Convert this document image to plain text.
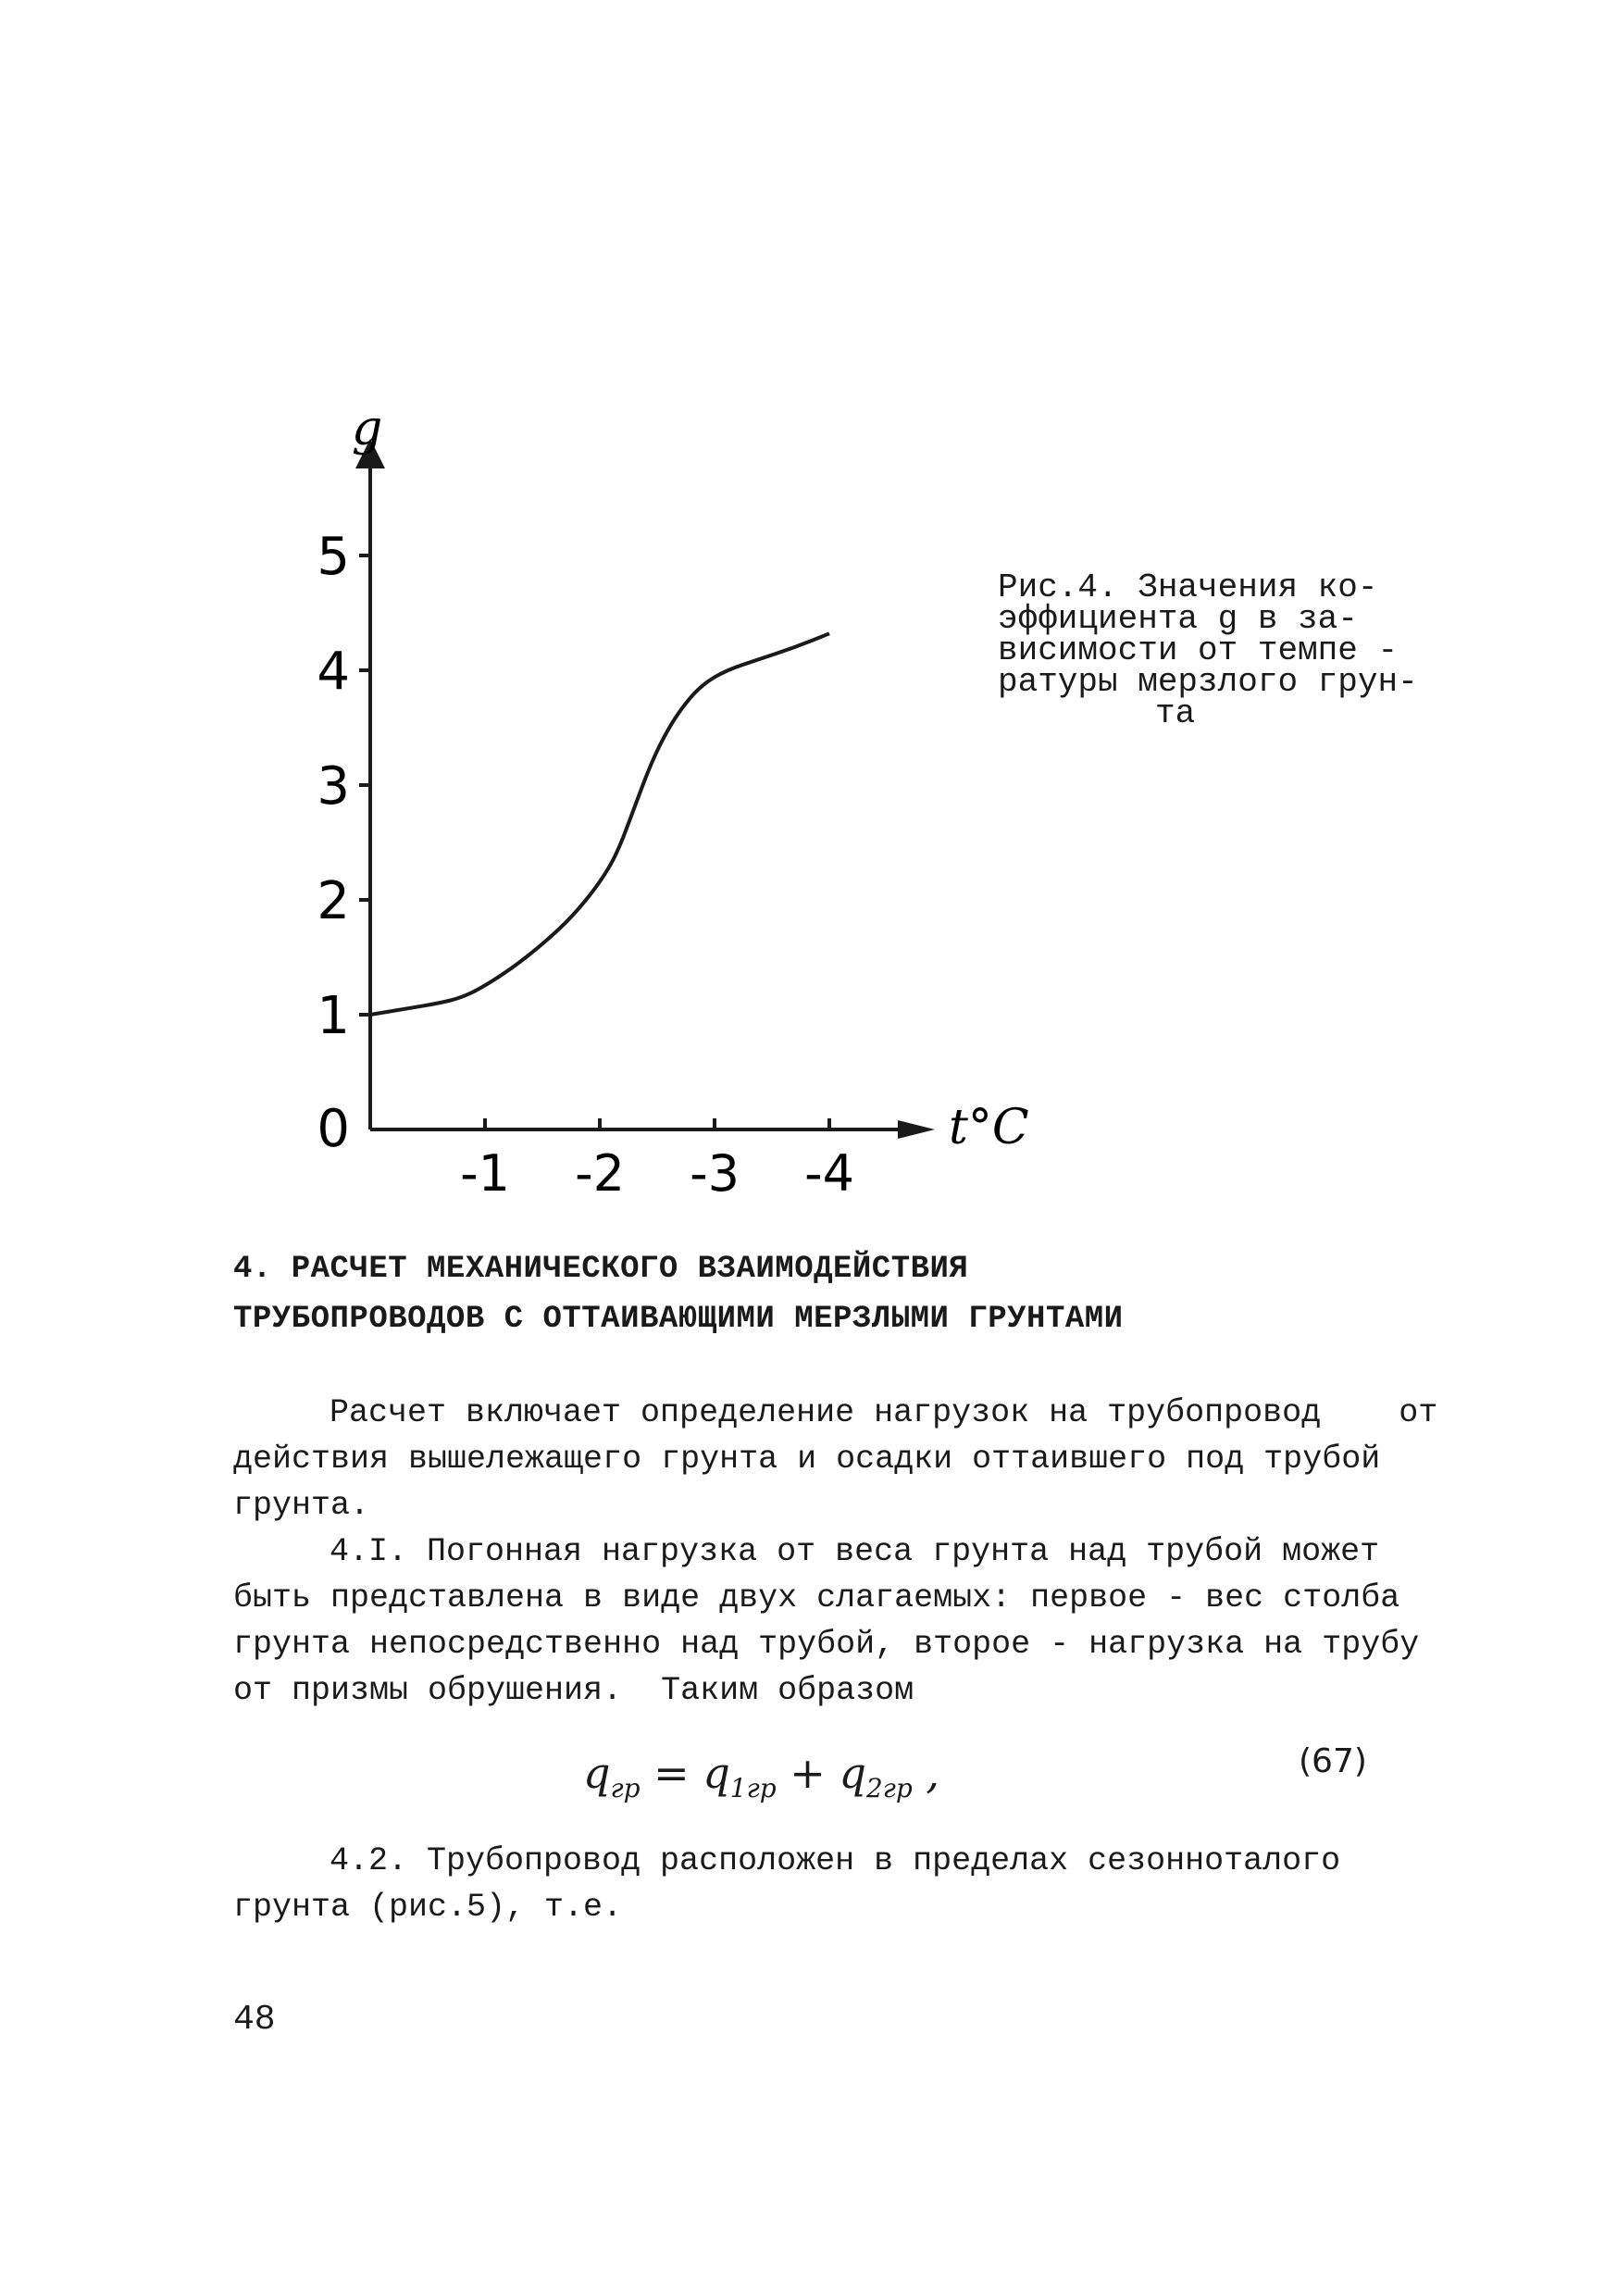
-1 -2 -3 -4
0
1
2
3
4
5
g
t°C
Рис.4. Значения ко-
эффициента g в за-
висимости от темпе -
ратуры мерзлого грун-
та
4. РАСЧЕТ МЕХАНИЧЕСКОГО ВЗАИМОДЕЙСТВИЯ
ТРУБОПРОВОДОВ С ОТТАИВАЮЩИМИ МЕРЗЛЫМИ ГРУНТАМИ
Расчет включает определение нагрузок на трубопровод    от
действия вышележащего грунта и осадки оттаившего под трубой
грунта.
4.I. Погонная нагрузка от веса грунта над трубой может
быть представлена в виде двух слагаемых: первое - вес столба
грунта непосредственно над трубой, второе - нагрузка на трубу
от призмы обрушения.  Таким образом
$q_{гр} = q_{1гр} + q_{2гр}$ ,	(67)
4.2. Трубопровод расположен в пределах сезонноталого
грунта (рис.5), т.е.
48
